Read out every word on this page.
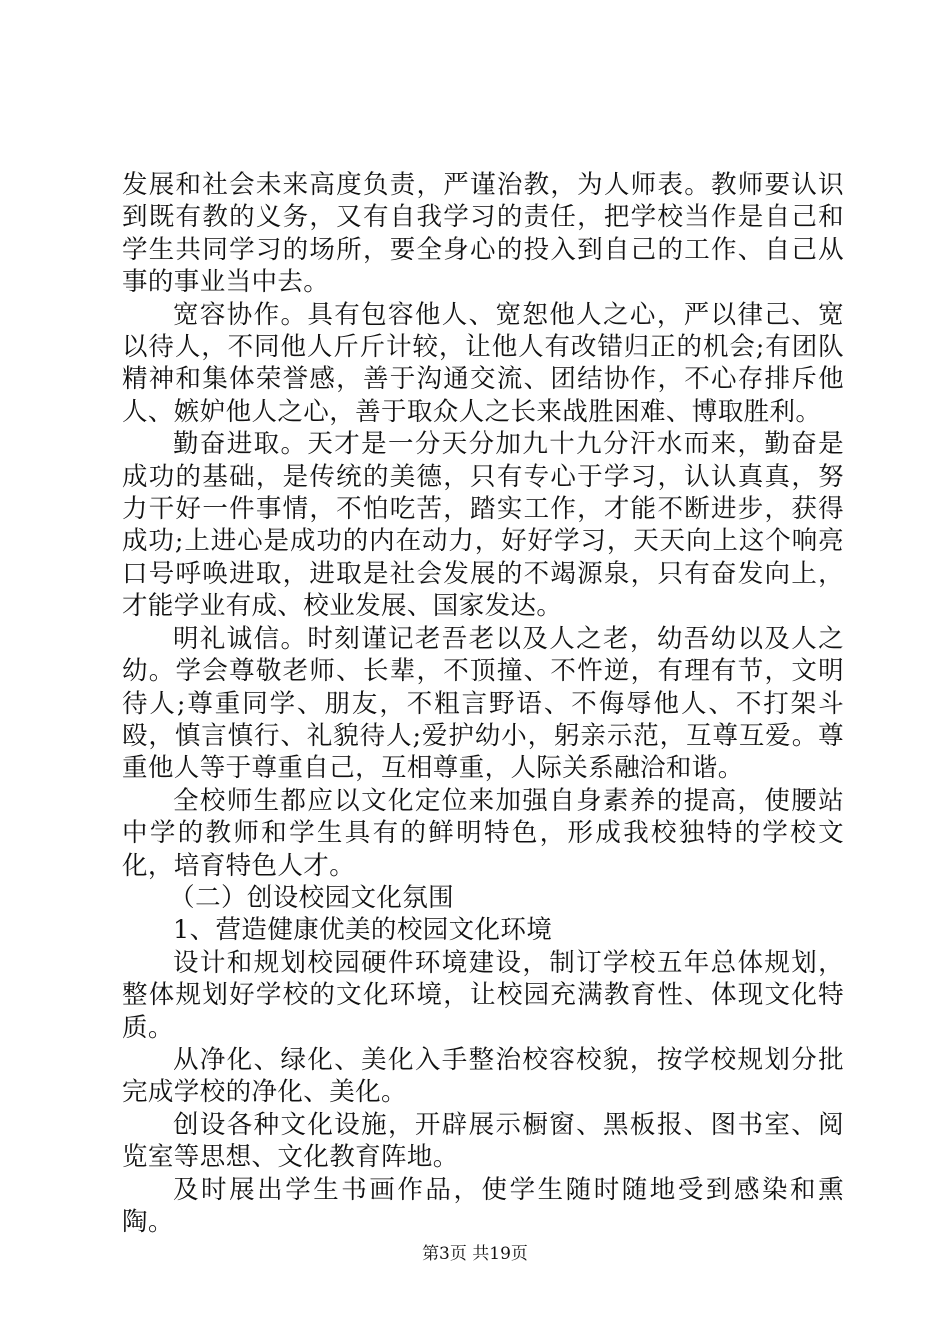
发展和社会未来高度负责，严谨治教，为人师表。教师要认识到既有教的义务，又有自我学习的责任，把学校当作是自己和学生共同学习的场所，要全身心的投入到自己的工作、自己从事的事业当中去。

宽容协作。具有包容他人、宽恕他人之心，严以律己、宽以待人，不同他人斤斤计较，让他人有改错归正的机会;有团队精神和集体荣誉感，善于沟通交流、团结协作，不心存排斥他人、嫉妒他人之心，善于取众人之长来战胜困难、博取胜利。

勤奋进取。天才是一分天分加九十九分汗水而来，勤奋是成功的基础，是传统的美德，只有专心于学习，认认真真，努力干好一件事情，不怕吃苦，踏实工作，才能不断进步，获得成功;上进心是成功的内在动力，好好学习，天天向上这个响亮口号呼唤进取，进取是社会发展的不竭源泉，只有奋发向上，才能学业有成、校业发展、国家发达。

明礼诚信。时刻谨记老吾老以及人之老，幼吾幼以及人之幼。学会尊敬老师、长辈，不顶撞、不忤逆，有理有节，文明待人;尊重同学、朋友，不粗言野语、不侮辱他人、不打架斗殴，慎言慎行、礼貌待人;爱护幼小，躬亲示范，互尊互爱。尊重他人等于尊重自己，互相尊重，人际关系融洽和谐。

全校师生都应以文化定位来加强自身素养的提高，使腰站中学的教师和学生具有的鲜明特色，形成我校独特的学校文化，培育特色人才。

（二）创设校园文化氛围

1、营造健康优美的校园文化环境

设计和规划校园硬件环境建设，制订学校五年总体规划，整体规划好学校的文化环境，让校园充满教育性、体现文化特质。

从净化、绿化、美化入手整治校容校貌，按学校规划分批完成学校的净化、美化。

创设各种文化设施，开辟展示橱窗、黑板报、图书室、阅览室等思想、文化教育阵地。

及时展出学生书画作品，使学生随时随地受到感染和熏陶。

第3页 共19页
